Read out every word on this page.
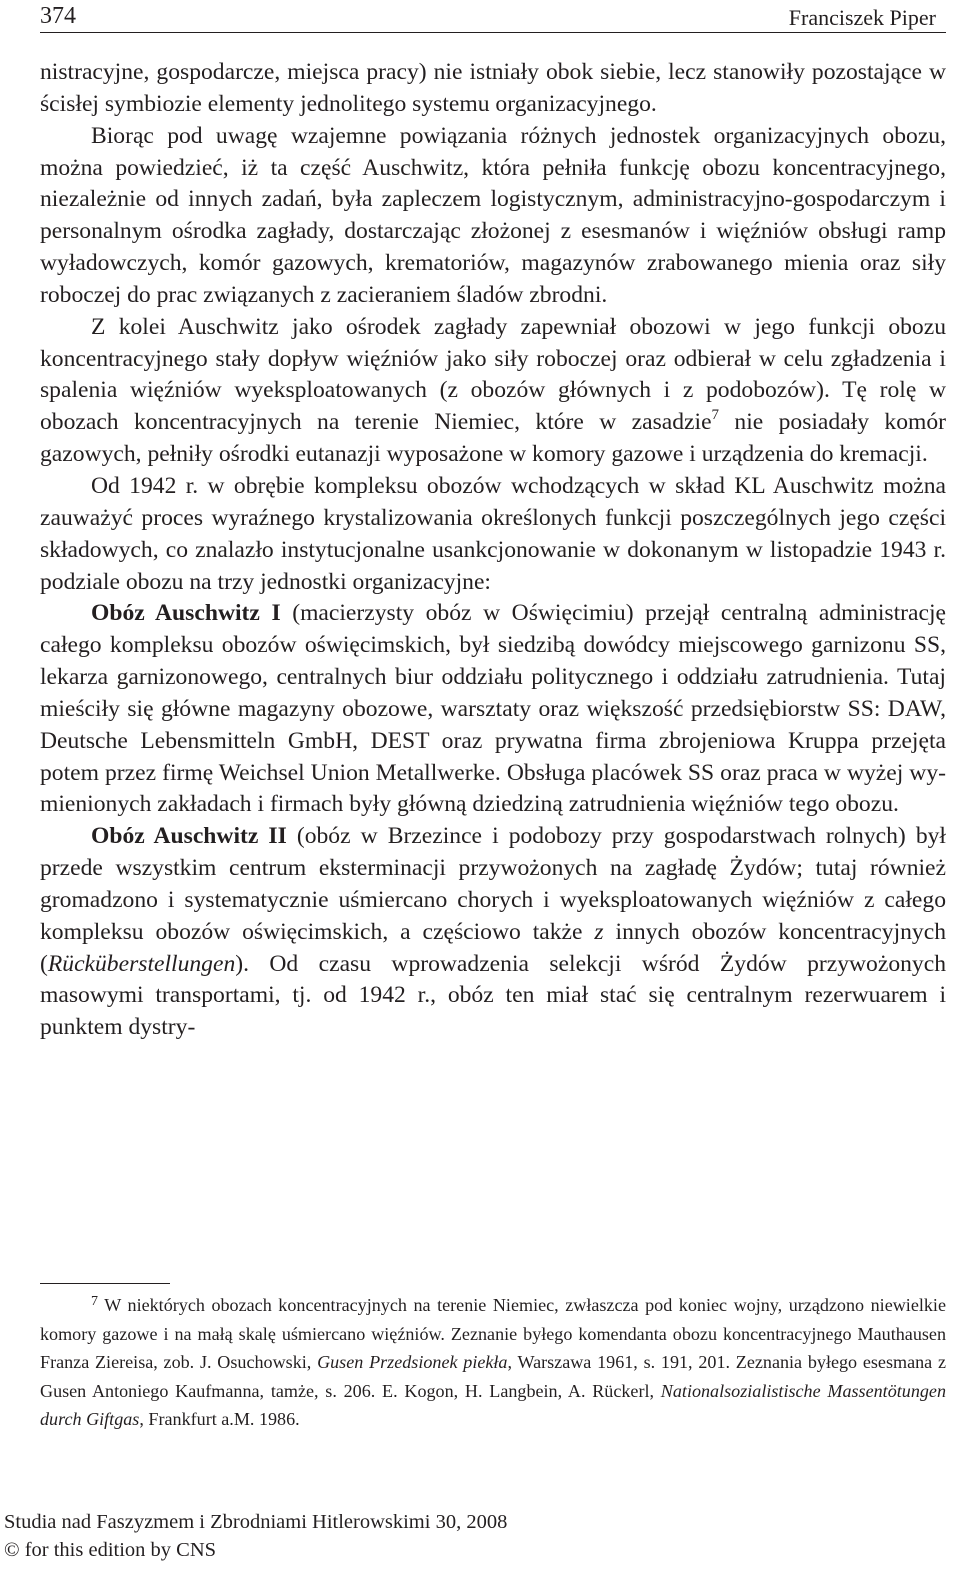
374	Franciszek Piper

nistracyjne, gospodarcze, miejsca pracy) nie istniały obok siebie, lecz stanowiły pozostające w ścisłej symbiozie elementy jednolitego systemu organizacyjnego.

Biorąc pod uwagę wzajemne powiązania różnych jednostek organizacyjnych obozu, można powiedzieć, iż ta część Auschwitz, która pełniła funkcję obozu koncentracyjnego, niezależnie od innych zadań, była zapleczem logistycznym, administracyjno-gospodarczym i personalnym ośrodka zagłady, dostarczając złożonej z esesmanów i więźniów obsługi ramp wyładowczych, komór gazowych, krematoriów, magazynów zrabowanego mienia oraz siły roboczej do prac związanych z zacieraniem śladów zbrodni.

Z kolei Auschwitz jako ośrodek zagłady zapewniał obozowi w jego funkcji obozu koncentracyjnego stały dopływ więźniów jako siły roboczej oraz odbierał w celu zgładzenia i spalenia więźniów wyeksploatowanych (z obozów głównych i z podobozów). Tę rolę w obozach koncentracyjnych na terenie Niemiec, które w zasadzie$^7$ nie posiadały komór gazowych, pełniły ośrodki eutanazji wyposażone w komory gazowe i urządzenia do kremacji.

Od 1942 r. w obrębie kompleksu obozów wchodzących w skład KL Auschwitz można zauważyć proces wyraźnego krystalizowania określonych funkcji poszczególnych jego części składowych, co znalazło instytucjonalne usankcjonowanie w dokonanym w listopadzie 1943 r. podziale obozu na trzy jednostki organizacyjne:

Obóz Auschwitz I (macierzysty obóz w Oświęcimiu) przejął centralną administrację całego kompleksu obozów oświęcimskich, był siedzibą dowódcy miejscowego garnizonu SS, lekarza garnizonowego, centralnych biur oddziału politycznego i oddziału zatrudnienia. Tutaj mieściły się główne magazyny obozowe, warsztaty oraz większość przedsiębiorstw SS: DAW, Deutsche Lebensmitteln GmbH, DEST oraz prywatna firma zbrojeniowa Kruppa przejęta potem przez firmę Weichsel Union Metallwerke. Obsługa placówek SS oraz praca w wyżej wymienionych zakładach i firmach były główną dziedziną zatrudnienia więźniów tego obozu.

Obóz Auschwitz II (obóz w Brzezince i podobozy przy gospodarstwach rolnych) był przede wszystkim centrum eksterminacji przywożonych na zagładę Żydów; tutaj również gromadzono i systematycznie uśmiercano chorych i wyeksploatowanych więźniów z całego kompleksu obozów oświęcimskich, a częściowo także z innych obozów koncentracyjnych (Rücküberstellungen). Od czasu wprowadzenia selekcji wśród Żydów przywożonych masowymi transportami, tj. od 1942 r., obóz ten miał stać się centralnym rezerwuarem i punktem dystry-

$^7$ W niektórych obozach koncentracyjnych na terenie Niemiec, zwłaszcza pod koniec wojny, urządzono niewielkie komory gazowe i na małą skalę uśmiercano więźniów. Zeznanie byłego komendanta obozu koncentracyjnego Mauthausen Franza Ziereisa, zob. J. Osuchowski, Gusen Przedsionek piekła, Warszawa 1961, s. 191, 201. Zeznania byłego esesmana z Gusen Antoniego Kaufmanna, tamże, s. 206. E. Kogon, H. Langbein, A. Rückerl, Nationalsozialistische Massentötungen durch Giftgas, Frankfurt a.M. 1986.
Studia nad Faszyzmem i Zbrodniami Hitlerowskimi 30, 2008
© for this edition by CNS
